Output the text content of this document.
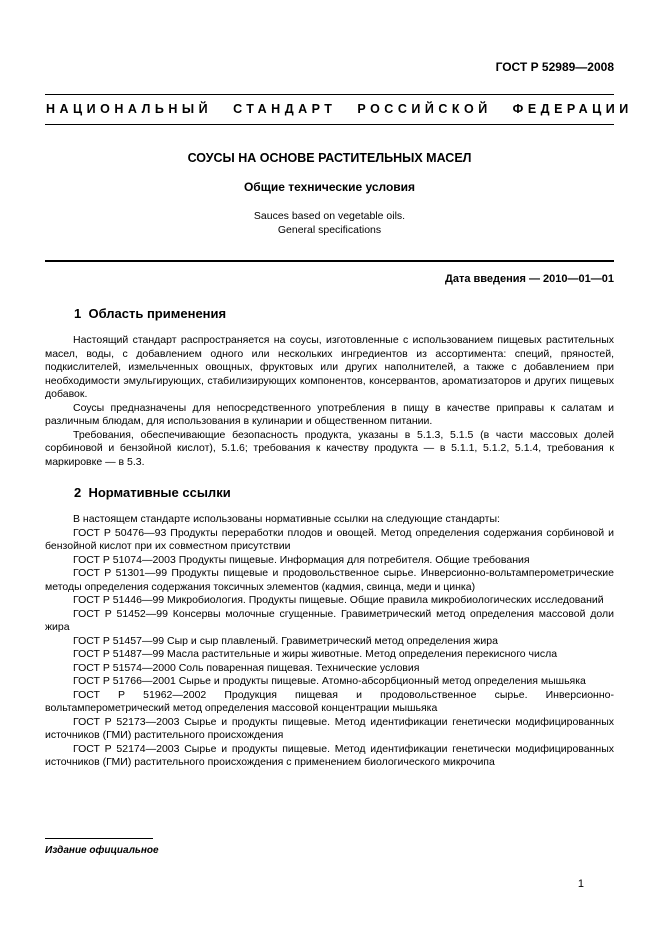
ГОСТ Р 52989—2008
НАЦИОНАЛЬНЫЙ СТАНДАРТ РОССИЙСКОЙ ФЕДЕРАЦИИ
СОУСЫ НА ОСНОВЕ РАСТИТЕЛЬНЫХ МАСЕЛ
Общие технические условия
Sauces based on vegetable oils.
General specifications
Дата введения — 2010—01—01
1  Область применения

Настоящий стандарт распространяется на соусы, изготовленные с использованием пищевых растительных масел, воды, с добавлением одного или нескольких ингредиентов из ассортимента: специй, пряностей, подкислителей, измельченных овощных, фруктовых или других наполнителей, а также с добавлением при необходимости эмульгирующих, стабилизирующих компонентов, консервантов, ароматизаторов и других пищевых добавок.

Соусы предназначены для непосредственного употребления в пищу в качестве приправы к салатам и различным блюдам, для использования в кулинарии и общественном питании.

Требования, обеспечивающие безопасность продукта, указаны в 5.1.3, 5.1.5 (в части массовых долей сорбиновой и бензойной кислот), 5.1.6; требования к качеству продукта — в 5.1.1, 5.1.2, 5.1.4, требования к маркировке — в 5.3.

2  Нормативные ссылки

В настоящем стандарте использованы нормативные ссылки на следующие стандарты:

ГОСТ Р 50476—93 Продукты переработки плодов и овощей. Метод определения содержания сорбиновой и бензойной кислот при их совместном присутствии

ГОСТ Р 51074—2003 Продукты пищевые. Информация для потребителя. Общие требования

ГОСТ Р 51301—99 Продукты пищевые и продовольственное сырье. Инверсионно-вольтамперометрические методы определения содержания токсичных элементов (кадмия, свинца, меди и цинка)

ГОСТ Р 51446—99 Микробиология. Продукты пищевые. Общие правила микробиологических исследований

ГОСТ Р 51452—99 Консервы молочные сгущенные. Гравиметрический метод определения массовой доли жира

ГОСТ Р 51457—99 Сыр и сыр плавленый. Гравиметрический метод определения жира

ГОСТ Р 51487—99 Масла растительные и жиры животные. Метод определения перекисного числа

ГОСТ Р 51574—2000 Соль поваренная пищевая. Технические условия

ГОСТ Р 51766—2001 Сырье и продукты пищевые. Атомно-абсорбционный метод определения мышьяка

ГОСТ Р 51962—2002 Продукция пищевая и продовольственное сырье. Инверсионно-вольтамперометрический метод определения массовой концентрации мышьяка

ГОСТ Р 52173—2003 Сырье и продукты пищевые. Метод идентификации генетически модифицированных источников (ГМИ) растительного происхождения

ГОСТ Р 52174—2003 Сырье и продукты пищевые. Метод идентификации генетически модифицированных источников (ГМИ) растительного происхождения с применением биологического микрочипа

Издание официальное
1
